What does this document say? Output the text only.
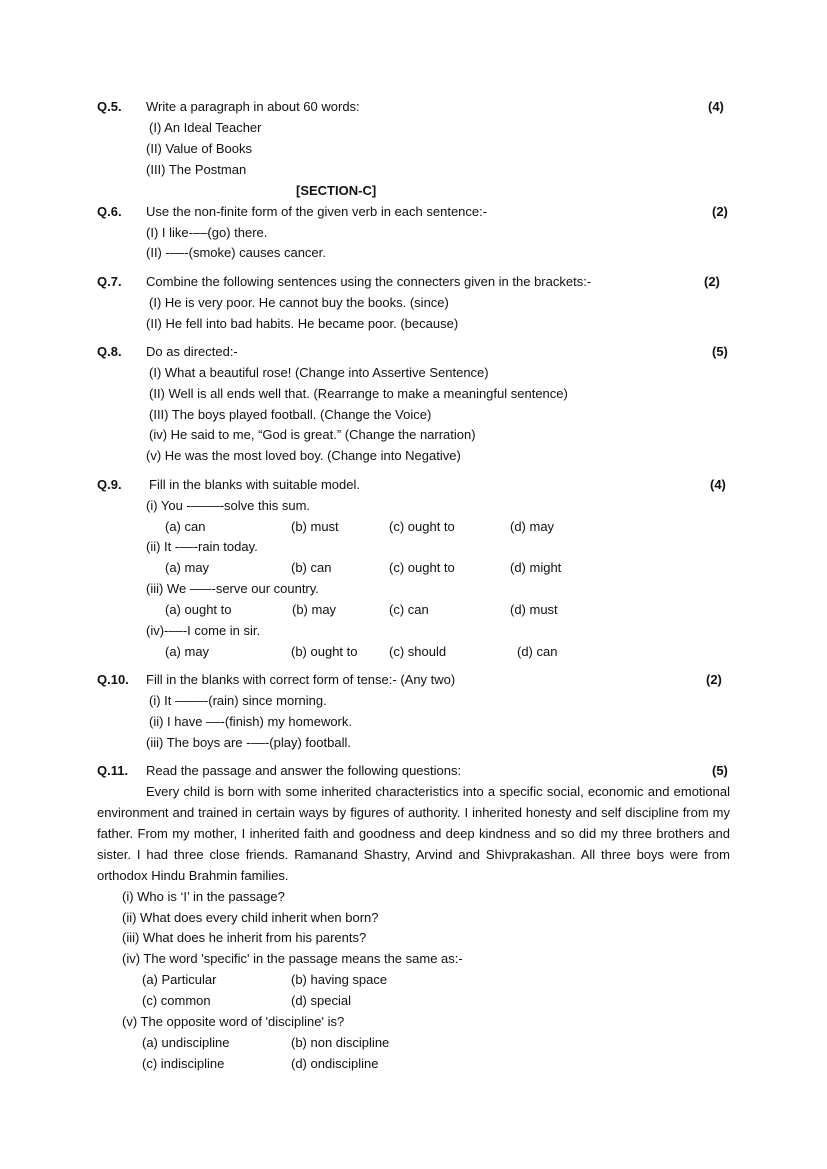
Q.5. Write a paragraph in about 60 words:	(4)
(I) An Ideal Teacher
(II) Value of Books
(III) The Postman
[SECTION-C]
Q.6. Use the non-finite form of the given verb in each sentence:-	(2)
(I) I like-––(go) there.
(II) -––-(smoke) causes cancer.
Q.7. Combine the following sentences using the connecters given in the brackets:-	(2)
(I) He is very poor. He cannot buy the books. (since)
(II) He fell into bad habits. He became poor. (because)
Q.8. Do as directed:-	(5)
(I) What a beautiful rose! (Change into Assertive Sentence)
(II) Well is all ends well that. (Rearrange to make a meaningful sentence)
(III) The boys played football. (Change the Voice)
(iv) He said to me, “God is great.” (Change the narration)
(v) He was the most loved boy. (Change into Negative)
Q.9. Fill in the blanks with suitable model.	(4)
(i) You -––––-solve this sum.
(a) can	(b) must	(c) ought to	(d) may
(ii) It -––-rain today.
(a) may	(b) can	(c) ought to	(d) might
(iii) We –––-serve our country.
(a) ought to	(b) may	(c) can	(d) must
(iv)-––-I come in sir.
(a) may	(b) ought to (c) should	(d) can
Q.10. Fill in the blanks with correct form of tense:- (Any two)	(2)
(i) It ––––-(rain) since morning.
(ii) I have ––-(finish) my homework.
(iii) The boys are -––-(play) football.
Q.11. Read the passage and answer the following questions:	(5)
Every child is born with some inherited characteristics into a specific social, economic and emotional environment and trained in certain ways by figures of authority. I inherited honesty and self discipline from my father. From my mother, I inherited faith and goodness and deep kindness and so did my three brothers and sister. I had three close friends. Ramanand Shastry, Arvind and Shivprakashan. All three boys were from orthodox Hindu Brahmin families.
(i) Who is ‘I’ in the passage?
(ii) What does every child inherit when born?
(iii) What does he inherit from his parents?
(iv) The word 'specific' in the passage means the same as:-
(a) Particular	(b) having space
(c) common	(d) special
(v) The opposite word of 'discipline' is?
(a) undiscipline	(b) non discipline
(c) indiscipline	(d) ondiscipline
